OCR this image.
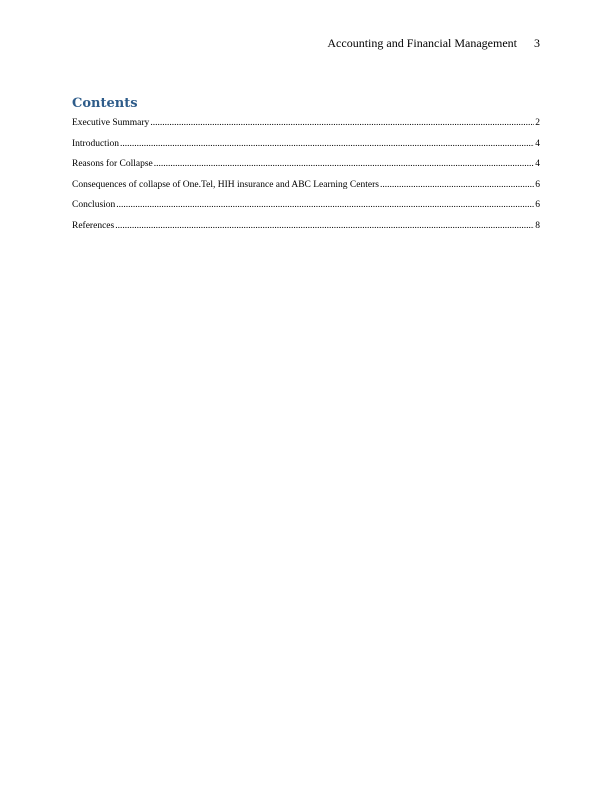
Accounting and Financial Management 3
Contents
Executive Summary .....	2
Introduction .....	4
Reasons for Collapse .....	4
Consequences of collapse of One.Tel, HIH insurance and ABC Learning Centers .....	6
Conclusion .....	6
References .....	8
